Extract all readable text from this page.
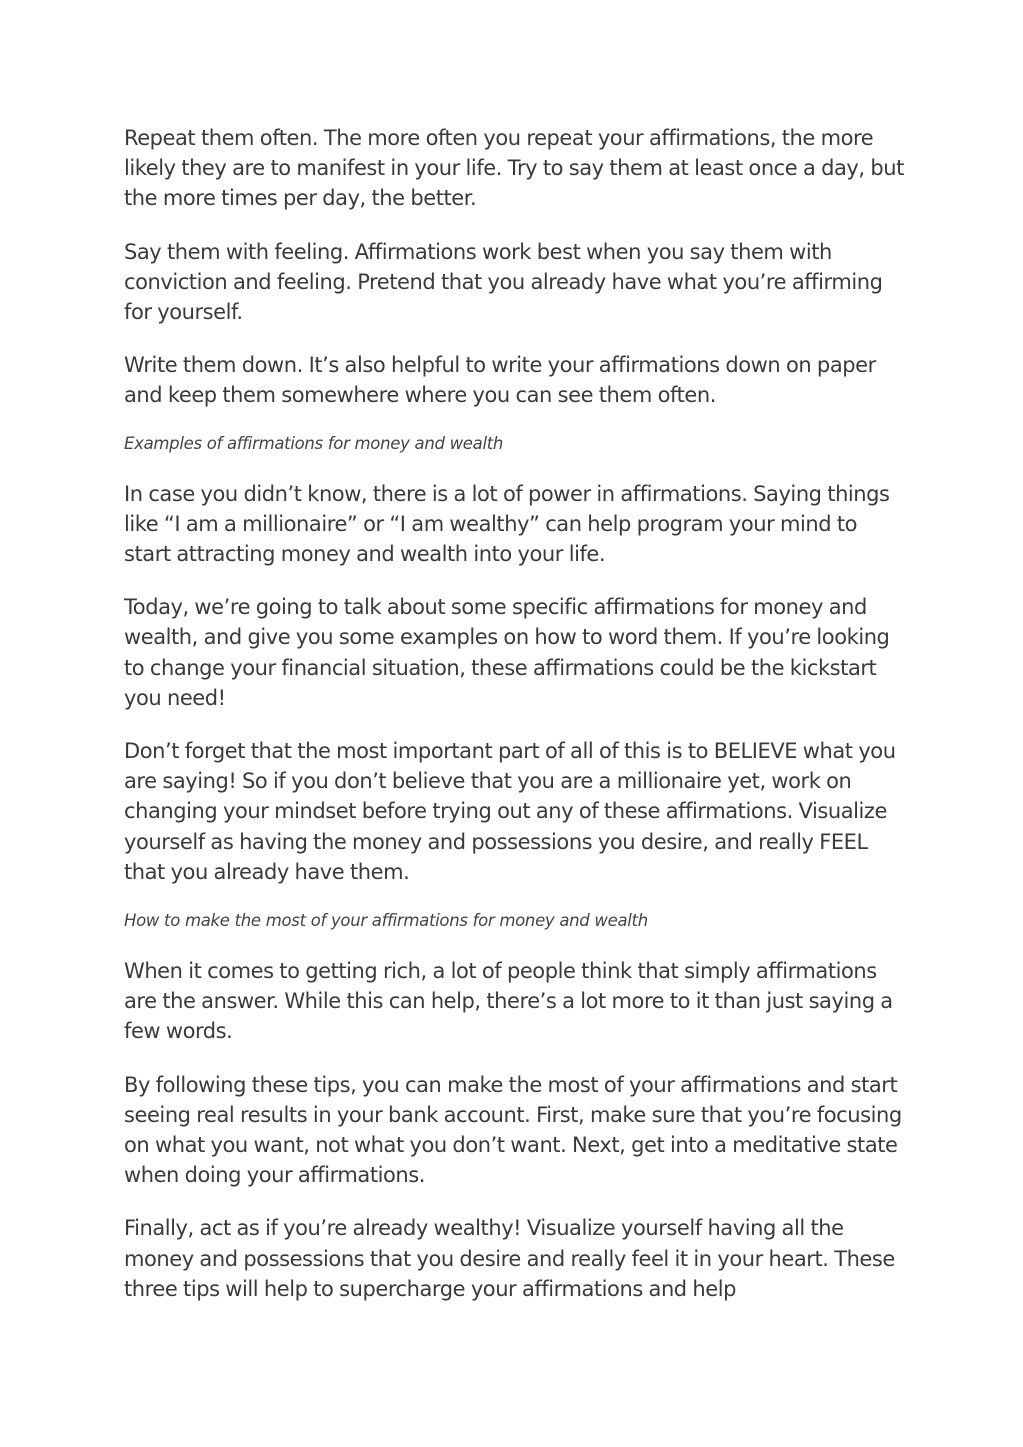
Repeat them often. The more often you repeat your affirmations, the more likely they are to manifest in your life. Try to say them at least once a day, but the more times per day, the better.

Say them with feeling. Affirmations work best when you say them with conviction and feeling. Pretend that you already have what you’re affirming for yourself.

Write them down. It’s also helpful to write your affirmations down on paper and keep them somewhere where you can see them often.

Examples of affirmations for money and wealth

In case you didn’t know, there is a lot of power in affirmations. Saying things like “I am a millionaire” or “I am wealthy” can help program your mind to start attracting money and wealth into your life.

Today, we’re going to talk about some specific affirmations for money and wealth, and give you some examples on how to word them. If you’re looking to change your financial situation, these affirmations could be the kickstart you need!

Don’t forget that the most important part of all of this is to BELIEVE what you are saying! So if you don’t believe that you are a millionaire yet, work on changing your mindset before trying out any of these affirmations. Visualize yourself as having the money and possessions you desire, and really FEEL that you already have them.

How to make the most of your affirmations for money and wealth

When it comes to getting rich, a lot of people think that simply affirmations are the answer. While this can help, there’s a lot more to it than just saying a few words.

By following these tips, you can make the most of your affirmations and start seeing real results in your bank account. First, make sure that you’re focusing on what you want, not what you don’t want. Next, get into a meditative state when doing your affirmations.

Finally, act as if you’re already wealthy! Visualize yourself having all the money and possessions that you desire and really feel it in your heart. These three tips will help to supercharge your affirmations and help
